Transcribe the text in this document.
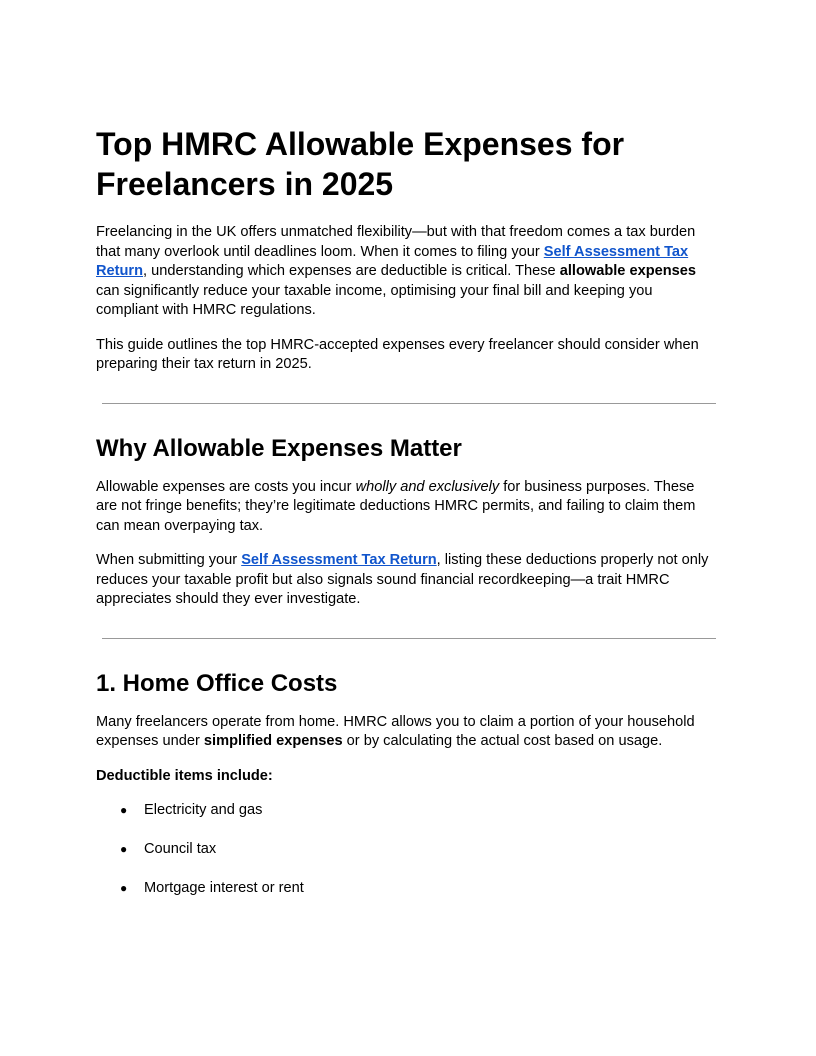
Top HMRC Allowable Expenses for Freelancers in 2025

Freelancing in the UK offers unmatched flexibility—but with that freedom comes a tax burden that many overlook until deadlines loom. When it comes to filing your Self Assessment Tax Return, understanding which expenses are deductible is critical. These allowable expenses can significantly reduce your taxable income, optimising your final bill and keeping you compliant with HMRC regulations.

This guide outlines the top HMRC-accepted expenses every freelancer should consider when preparing their tax return in 2025.

Why Allowable Expenses Matter

Allowable expenses are costs you incur wholly and exclusively for business purposes. These are not fringe benefits; they’re legitimate deductions HMRC permits, and failing to claim them can mean overpaying tax.

When submitting your Self Assessment Tax Return, listing these deductions properly not only reduces your taxable profit but also signals sound financial recordkeeping—a trait HMRC appreciates should they ever investigate.

1. Home Office Costs

Many freelancers operate from home. HMRC allows you to claim a portion of your household expenses under simplified expenses or by calculating the actual cost based on usage.

Deductible items include:

● Electricity and gas
● Council tax
● Mortgage interest or rent
